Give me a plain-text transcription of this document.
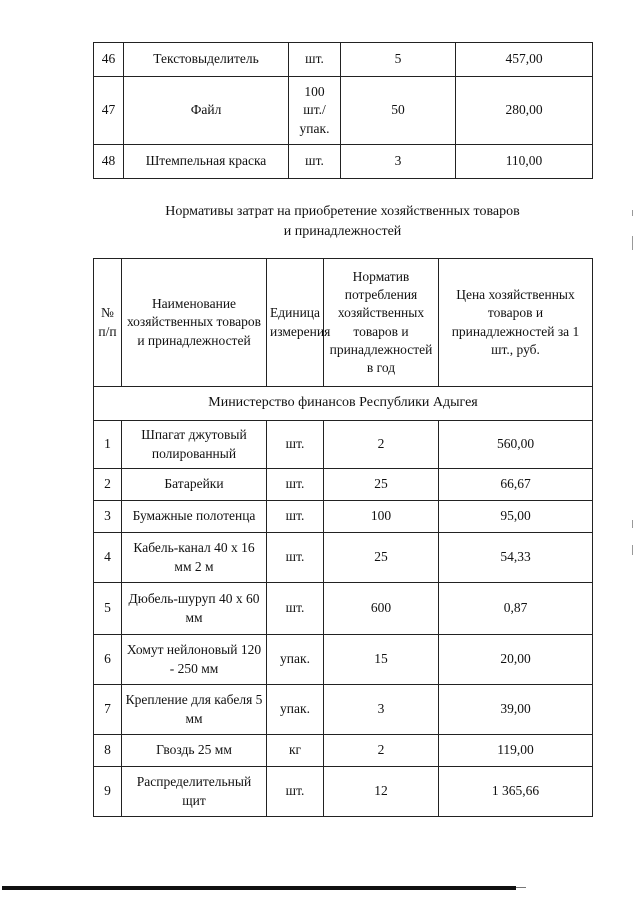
46	Текстовыделитель	шт.	5	457,00
47	Файл	100 шт./упак.	50	280,00
48	Штемпельная краска	шт.	3	110,00
Нормативы затрат на приобретение хозяйственных товаров
и принадлежностей
№ п/п	Наименование хозяйственных товаров и принадлежностей	Единица измерения	Норматив потребления хозяйственных товаров и принадлежностей в год	Цена хозяйственных товаров и принадлежностей за 1 шт., руб.
Министерство финансов Республики Адыгея				
1	Шпагат джутовый полированный	шт.	2	560,00
2	Батарейки	шт.	25	66,67
3	Бумажные полотенца	шт.	100	95,00
4	Кабель-канал 40 х 16 мм 2 м	шт.	25	54,33
5	Дюбель-шуруп 40 х 60 мм	шт.	600	0,87
6	Хомут нейлоновый 120 - 250 мм	упак.	15	20,00
7	Крепление для кабеля 5 мм	упак.	3	39,00
8	Гвоздь 25 мм	кг	2	119,00
9	Распределительный щит	шт.	12	1 365,66
